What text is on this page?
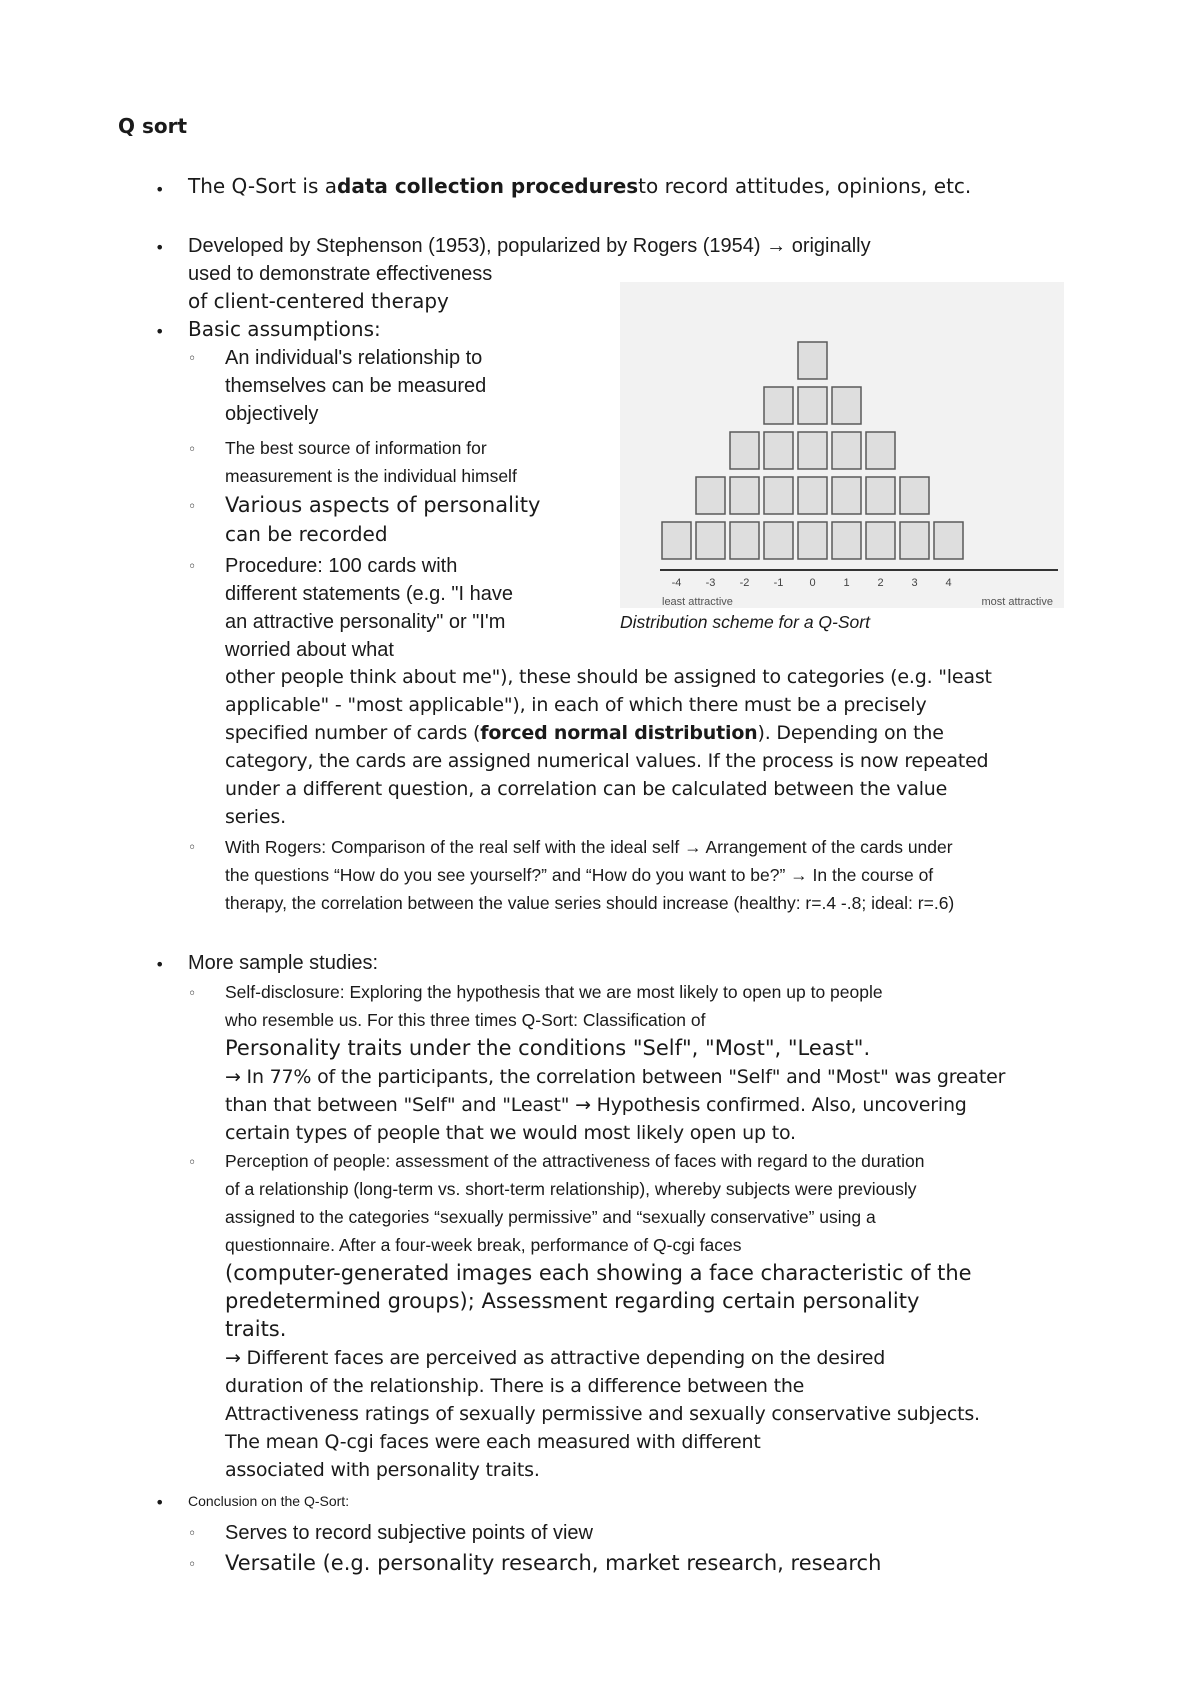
Q sort
• The Q-Sort is adata collection proceduresto record attitudes, opinions, etc.
• Developed by Stephenson (1953), popularized by Rogers (1954) → originally
used to demonstrate effectiveness
of client-centered therapy
• Basic assumptions:
◦ An individual's relationship to
themselves can be measured
objectively
◦ The best source of information for
measurement is the individual himself
◦ Various aspects of personality
can be recorded
◦ Procedure: 100 cards with
different statements (e.g. "I have
an attractive personality" or "I'm
worried about what
other people think about me"), these should be assigned to categories (e.g. "least
applicable" - "most applicable"), in each of which there must be a precisely
specified number of cards (forced normal distribution). Depending on the
category, the cards are assigned numerical values. If the process is now repeated
under a different question, a correlation can be calculated between the value
series.
◦ With Rogers: Comparison of the real self with the ideal self → Arrangement of the cards under
the questions “How do you see yourself?” and “How do you want to be?” → In the course of
therapy, the correlation between the value series should increase (healthy: r=.4 -.8; ideal: r=.6)
• More sample studies:
◦ Self-disclosure: Exploring the hypothesis that we are most likely to open up to people
who resemble us. For this three times Q-Sort: Classification of
Personality traits under the conditions "Self", "Most", "Least".
→ In 77% of the participants, the correlation between "Self" and "Most" was greater
than that between "Self" and "Least" → Hypothesis confirmed. Also, uncovering
certain types of people that we would most likely open up to.
◦ Perception of people: assessment of the attractiveness of faces with regard to the duration
of a relationship (long-term vs. short-term relationship), whereby subjects were previously
assigned to the categories “sexually permissive” and “sexually conservative” using a
questionnaire. After a four-week break, performance of Q-cgi faces
(computer-generated images each showing a face characteristic of the
predetermined groups); Assessment regarding certain personality
traits.
→ Different faces are perceived as attractive depending on the desired
duration of the relationship. There is a difference between the
Attractiveness ratings of sexually permissive and sexually conservative subjects.
The mean Q-cgi faces were each measured with different
associated with personality traits.
• Conclusion on the Q-Sort:
◦ Serves to record subjective points of view
◦ Versatile (e.g. personality research, market research, research
-4 -3 -2 -1 0	1	2	3	4
least attractive	most attractive
Distribution scheme for a Q-Sort
